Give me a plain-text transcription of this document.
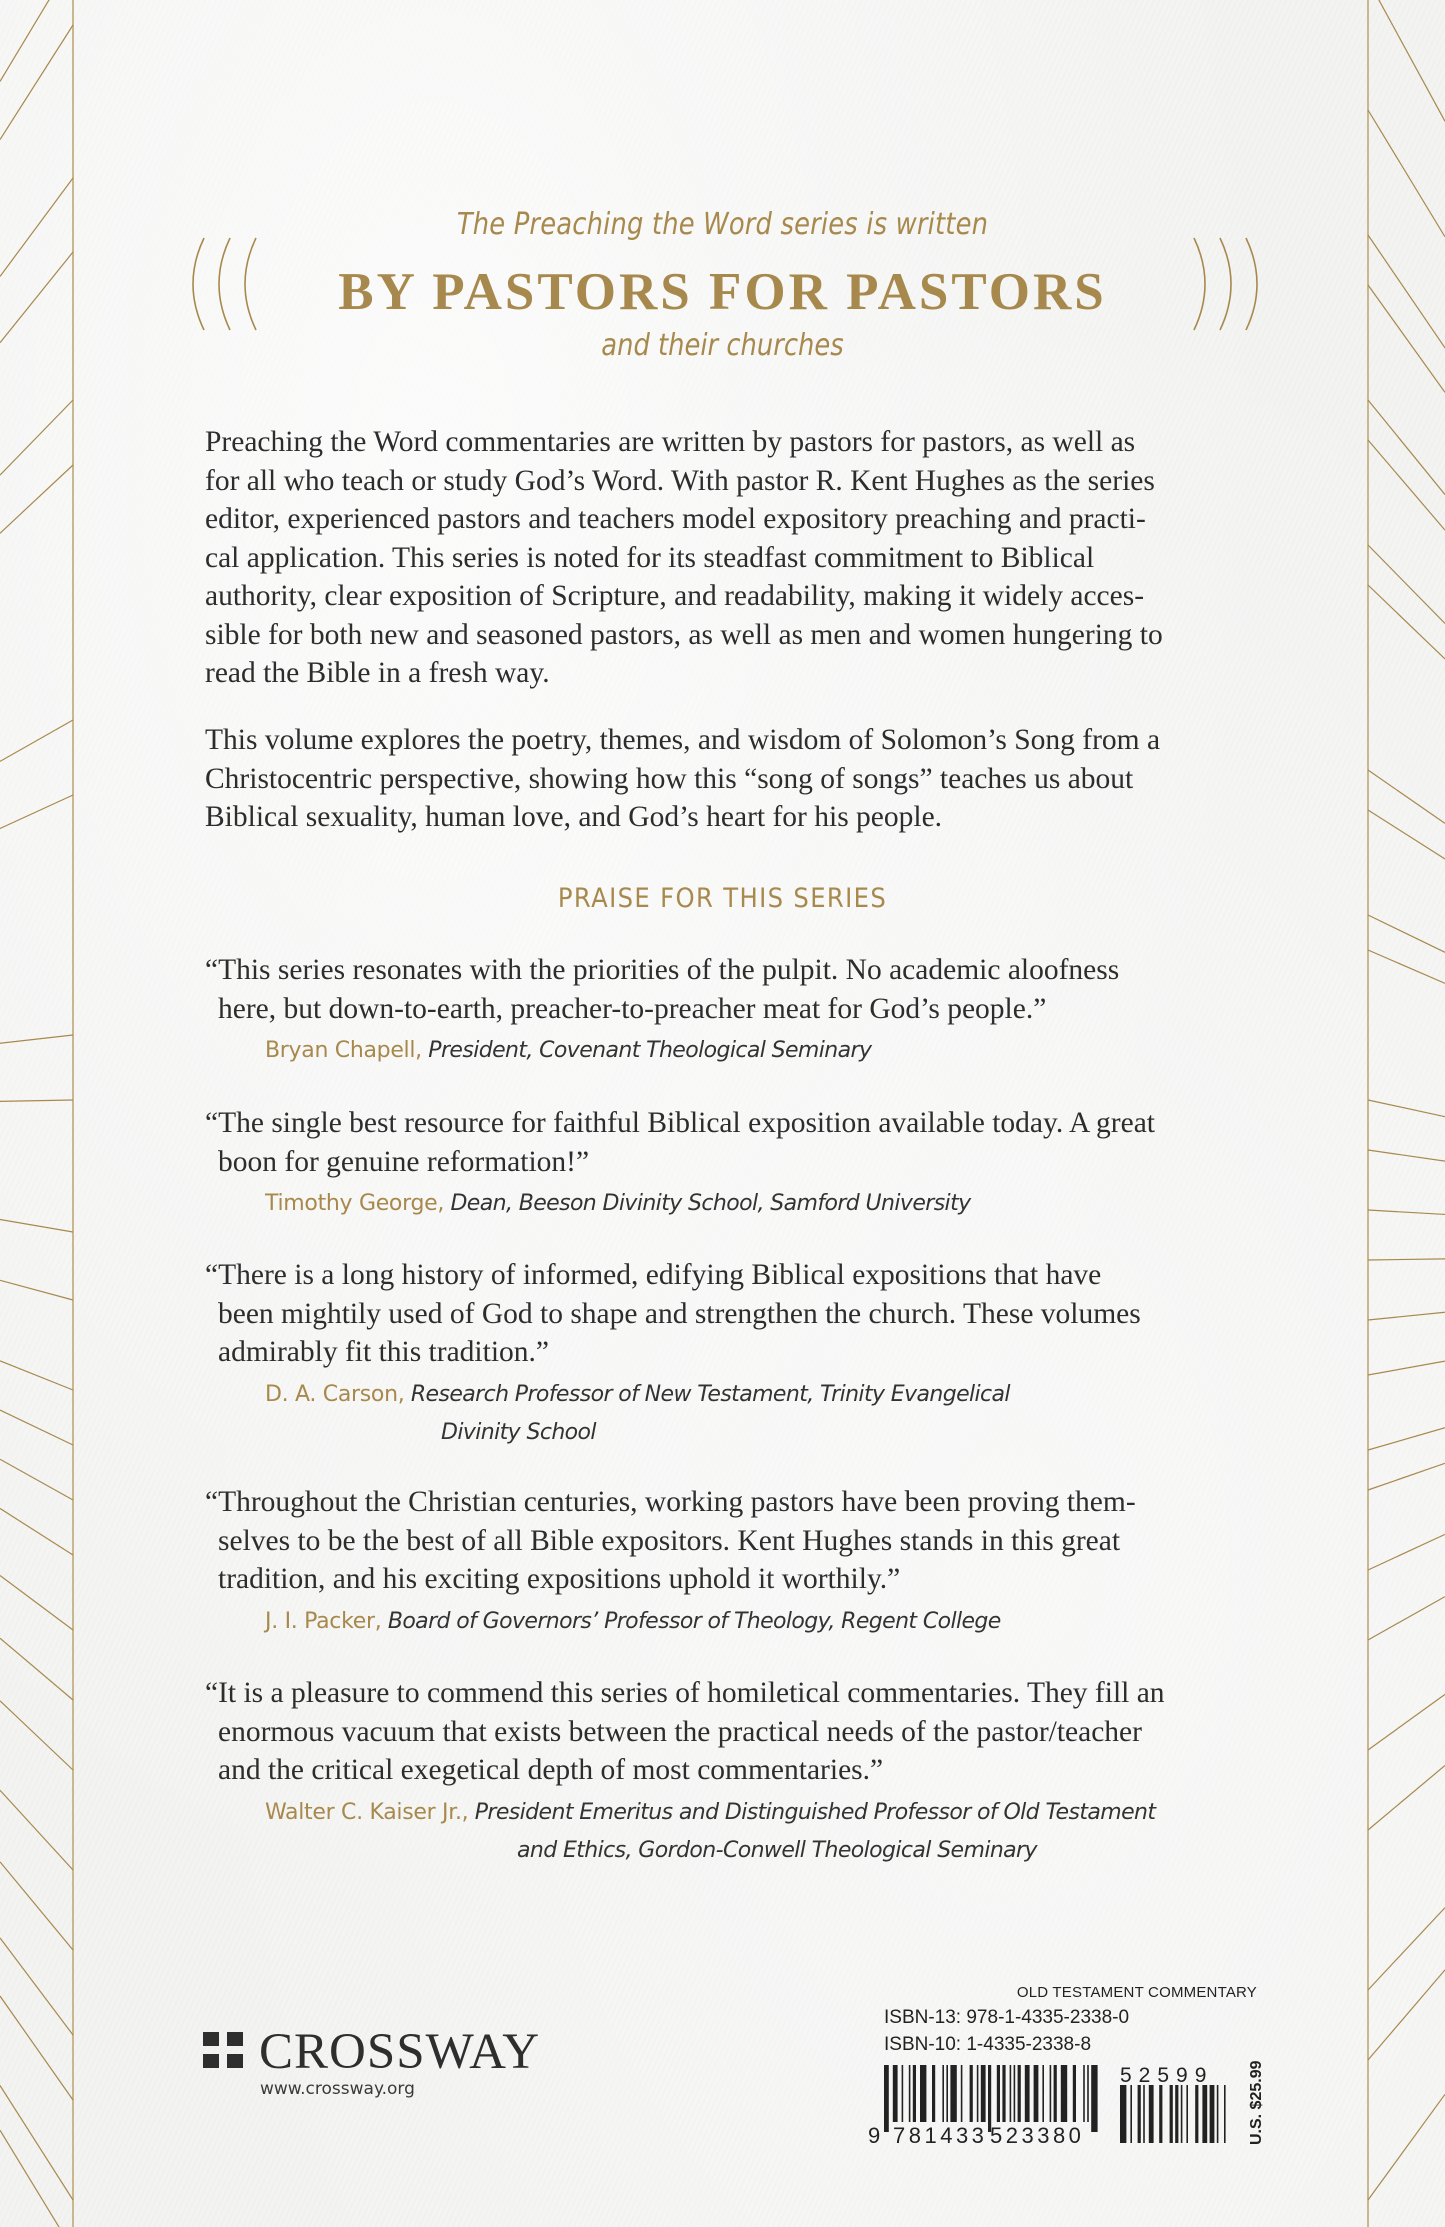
The Preaching the Word series is written
BY PASTORS FOR PASTORS
and their churches

Preaching the Word commentaries are written by pastors for pastors, as well as

for all who teach or study God’s Word. With pastor R. Kent Hughes as the series

editor, experienced pastors and teachers model expository preaching and practi-

cal application. This series is noted for its steadfast commitment to Biblical

authority, clear exposition of Scripture, and readability, making it widely acces-

sible for both new and seasoned pastors, as well as men and women hungering to

read the Bible in a fresh way.

This volume explores the poetry, themes, and wisdom of Solomon’s Song from a

Christocentric perspective, showing how this “song of songs” teaches us about

Biblical sexuality, human love, and God’s heart for his people.

PRAISE FOR THIS SERIES

“This series resonates with the priorities of the pulpit. No academic aloofness

here, but down-to-earth, preacher-to-preacher meat for God’s people.”

Bryan Chapell, President, Covenant Theological Seminary

“The single best resource for faithful Biblical exposition available today. A great

boon for genuine reformation!”

Timothy George, Dean, Beeson Divinity School, Samford University

“There is a long history of informed, edifying Biblical expositions that have

been mightily used of God to shape and strengthen the church. These volumes

admirably fit this tradition.”

D. A. Carson, Research Professor of New Testament, Trinity Evangelical
Divinity School

“Throughout the Christian centuries, working pastors have been proving them-

selves to be the best of all Bible expositors. Kent Hughes stands in this great

tradition, and his exciting expositions uphold it worthily.”

J. I. Packer, Board of Governors’ Professor of Theology, Regent College

“It is a pleasure to commend this series of homiletical commentaries. They fill an

enormous vacuum that exists between the practical needs of the pastor/teacher

and the critical exegetical depth of most commentaries.”

Walter C. Kaiser Jr., President Emeritus and Distinguished Professor of Old Testament
and Ethics, Gordon-Conwell Theological Seminary
CROSSWAY
www.crossway.org
OLD TESTAMENT COMMENTARY
ISBN-13: 978-1-4335-2338-0
ISBN-10: 1-4335-2338-8
9 781433 523380
52599 U.S. $25.99
